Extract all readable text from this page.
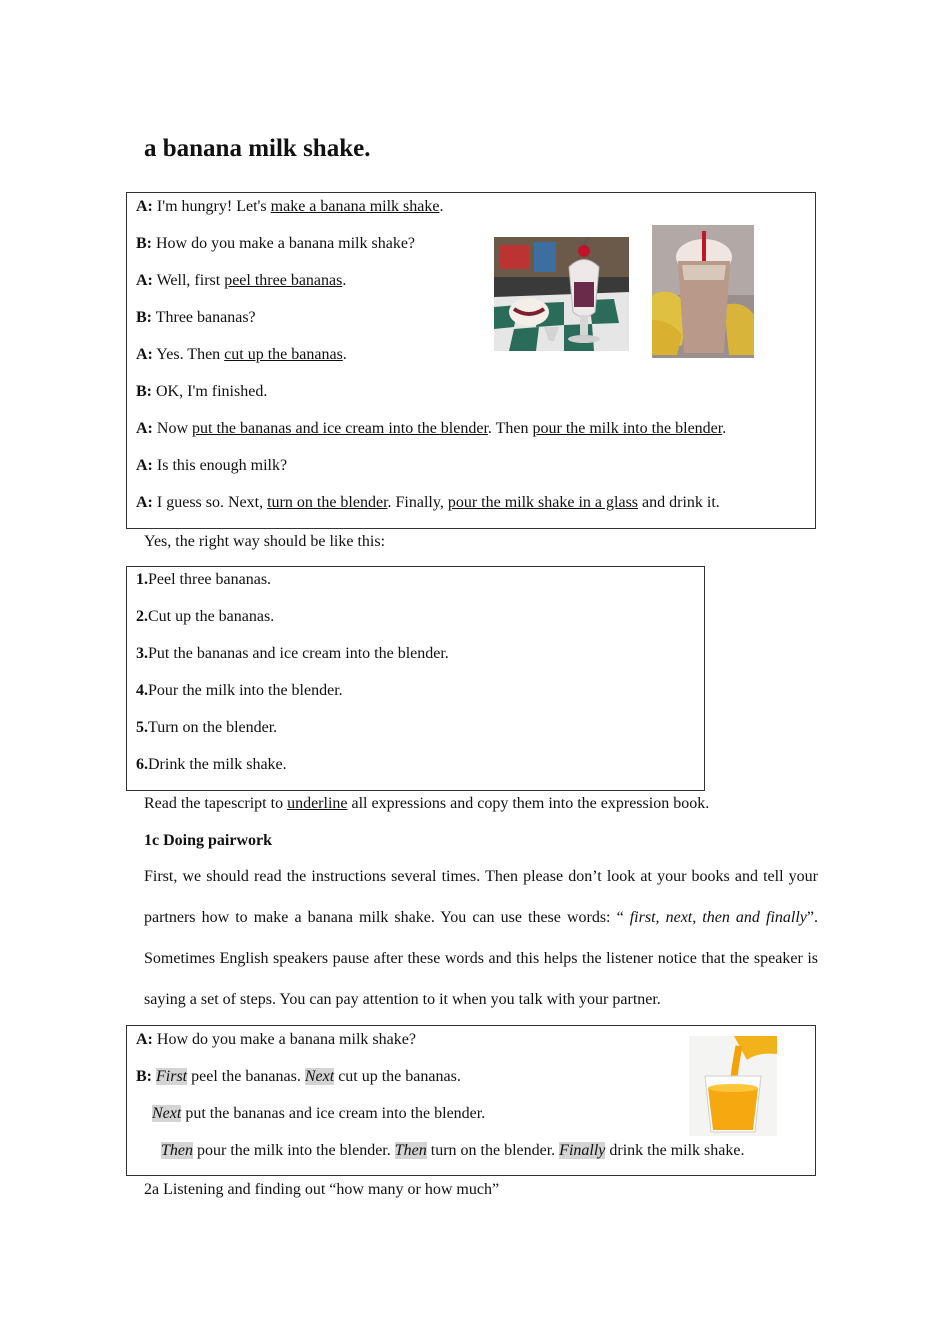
a banana milk shake.
A: I'm hungry! Let's make a banana milk shake.
B: How do you make a banana milk shake?
A: Well, first peel three bananas.
B: Three bananas?
A: Yes. Then cut up the bananas.
B: OK, I'm finished.
A: Now put the bananas and ice cream into the blender. Then pour the milk into the blender.
A: Is this enough milk?
A: I guess so. Next, turn on the blender. Finally, pour the milk shake in a glass and drink it.
Yes, the right way should be like this:
1.Peel three bananas.
2.Cut up the bananas.
3.Put the bananas and ice cream into the blender.
4.Pour the milk into the blender.
5.Turn on the blender.
6.Drink the milk shake.
Read the tapescript to underline all expressions and copy them into the expression book.
1c Doing pairwork

First, we should read the instructions several times. Then please don’t look at your books and tell your partners how to make a banana milk shake. You can use these words: “ first, next, then and finally”. Sometimes English speakers pause after these words and this helps the listener notice that the speaker is saying a set of steps. You can pay attention to it when you talk with your partner.

A: How do you make a banana milk shake?
B: First peel the bananas. Next cut up the bananas.
Next put the bananas and ice cream into the blender.
Then pour the milk into the blender. Then turn on the blender. Finally drink the milk shake.
2a Listening and finding out “how many or how much”
